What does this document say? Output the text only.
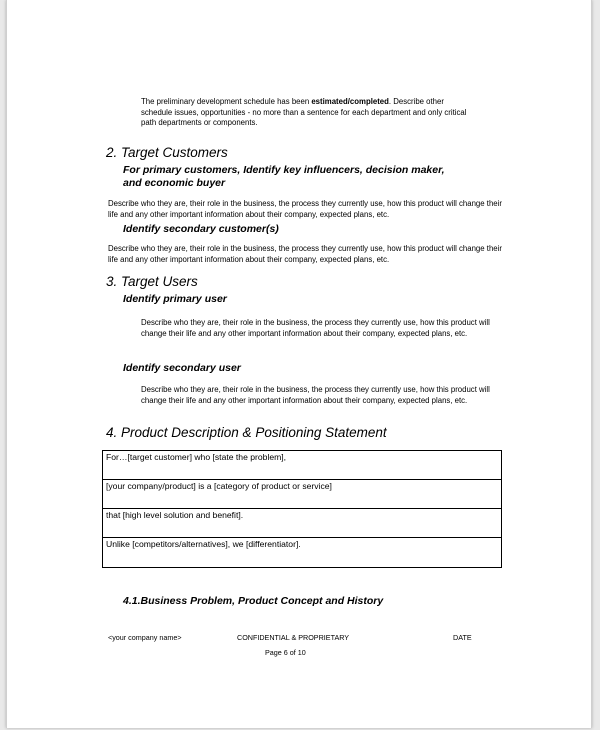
The preliminary development schedule has been estimated/completed. Describe other
schedule issues, opportunities - no more than a sentence for each department and only critical
path departments or components.
2. Target Customers
For primary customers, Identify key influencers, decision maker, and economic buyer
Describe who they are, their role in the business, the process they currently use, how this product will change their life and any other important information about their company, expected plans, etc.
Identify secondary customer(s)
Describe who they are, their role in the business, the process they currently use, how this product will change their life and any other important information about their company, expected plans, etc.
3. Target Users
Identify primary user
Describe who they are, their role in the business, the process they currently use, how this product will change their life and any other important information about their company, expected plans, etc.
Identify secondary user
Describe who they are, their role in the business, the process they currently use, how this product will change their life and any other important information about their company, expected plans, etc.
4. Product Description & Positioning Statement
For…[target customer] who [state the problem],
[your company/product] is a [category of product or service]
that [high level solution and benefit].
Unlike [competitors/alternatives], we [differentiator].
4.1.Business Problem, Product Concept and History
<your company name>	CONFIDENTIAL & PROPRIETARY	DATE
Page 6 of 10
